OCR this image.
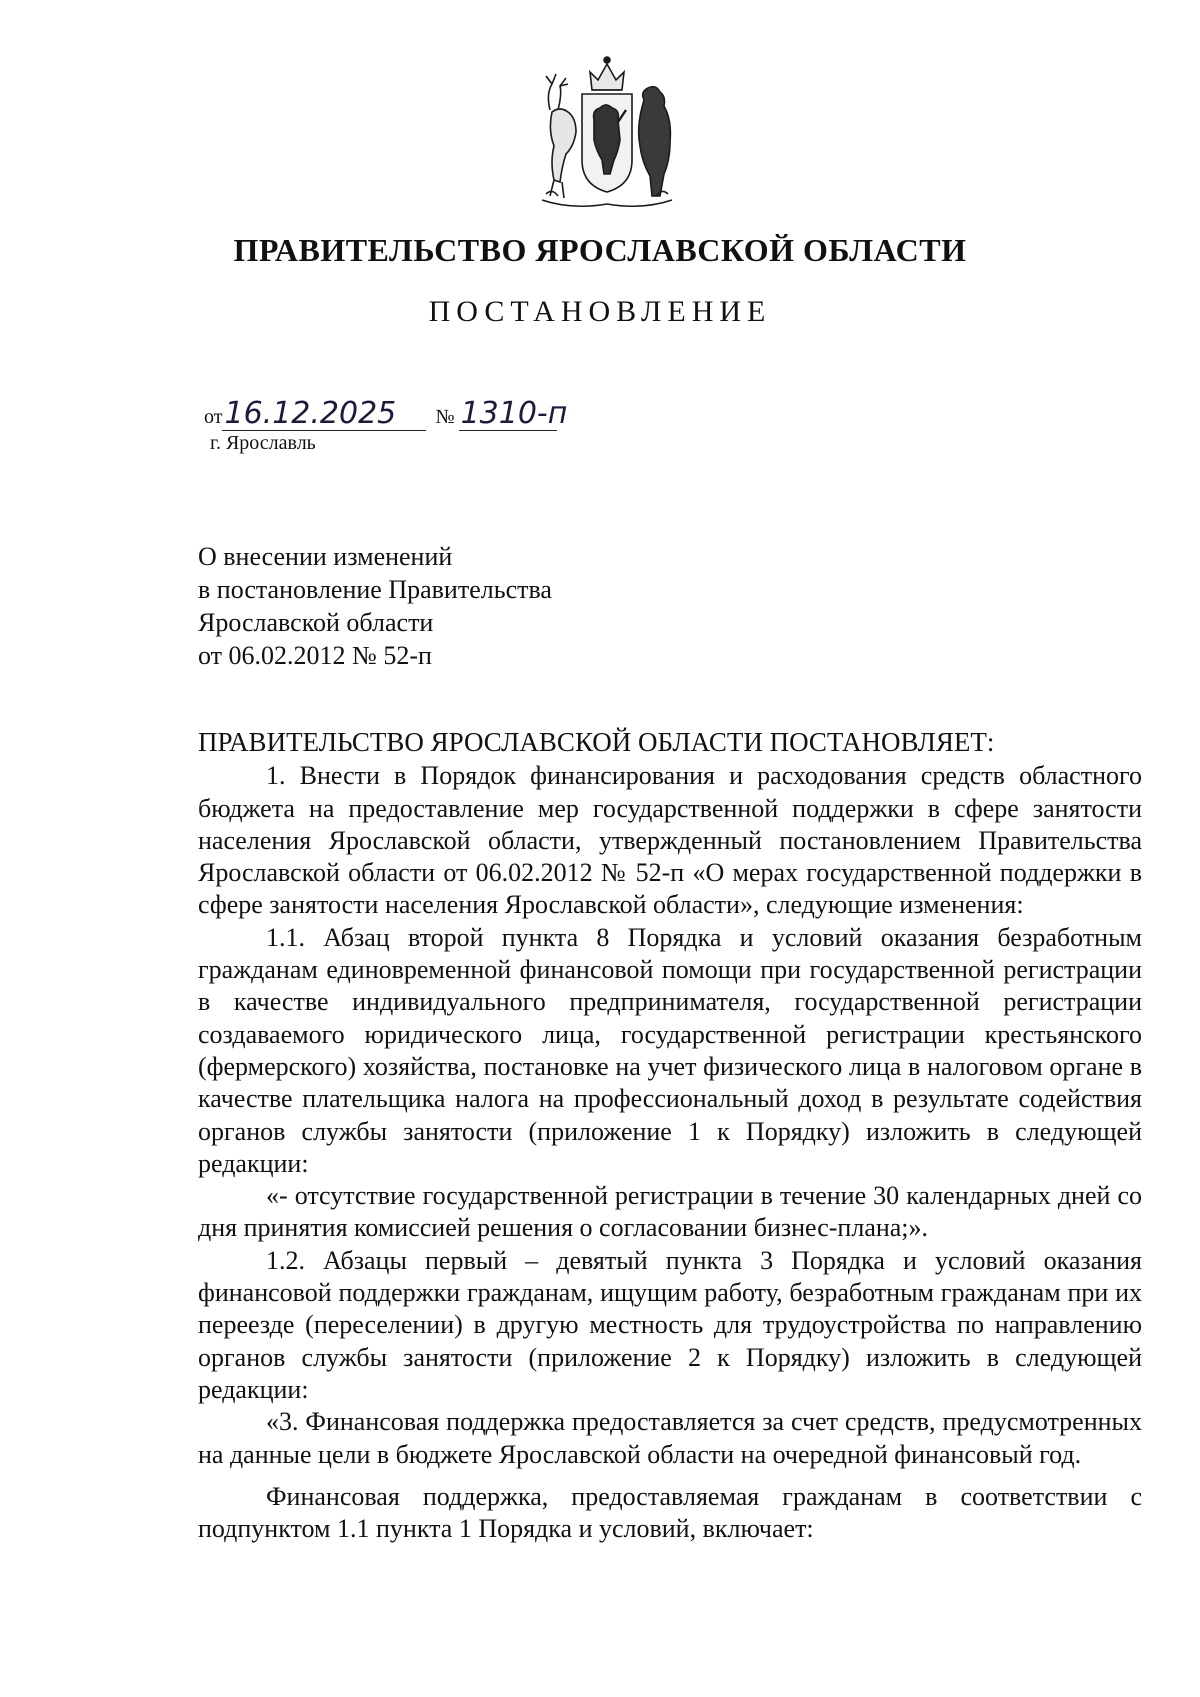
ПРАВИТЕЛЬСТВО ЯРОСЛАВСКОЙ ОБЛАСТИ
ПОСТАНОВЛЕНИЕ
от16.12.2025 № 1310-п
г. Ярославль
О внесении изменений
в постановление Правительства
Ярославской области
от 06.02.2012 № 52-п

ПРАВИТЕЛЬСТВО ЯРОСЛАВСКОЙ ОБЛАСТИ ПОСТАНОВЛЯЕТ:

1. Внести в Порядок финансирования и расходования средств областного бюджета на предоставление мер государственной поддержки в сфере занятости населения Ярославской области, утвержденный постановлением Правительства Ярославской области от 06.02.2012 № 52-п «О мерах государственной поддержки в сфере занятости населения Ярославской области», следующие изменения:

1.1. Абзац второй пункта 8 Порядка и условий оказания безработным гражданам единовременной финансовой помощи при государственной регистрации в качестве индивидуального предпринимателя, государственной регистрации создаваемого юридического лица, государственной регистрации крестьянского (фермерского) хозяйства, постановке на учет физического лица в налоговом органе в качестве плательщика налога на профессиональный доход в результате содействия органов службы занятости (приложение 1 к Порядку) изложить в следующей редакции:

«- отсутствие государственной регистрации в течение 30 календарных дней со дня принятия комиссией решения о согласовании бизнес-плана;».

1.2. Абзацы первый – девятый пункта 3 Порядка и условий оказания финансовой поддержки гражданам, ищущим работу, безработным гражданам при их переезде (переселении) в другую местность для трудоустройства по направлению органов службы занятости (приложение 2 к Порядку) изложить в следующей редакции:

«3. Финансовая поддержка предоставляется за счет средств, предусмотренных на данные цели в бюджете Ярославской области на очередной финансовый год.

Финансовая поддержка, предоставляемая гражданам в соответствии с подпунктом 1.1 пункта 1 Порядка и условий, включает:
